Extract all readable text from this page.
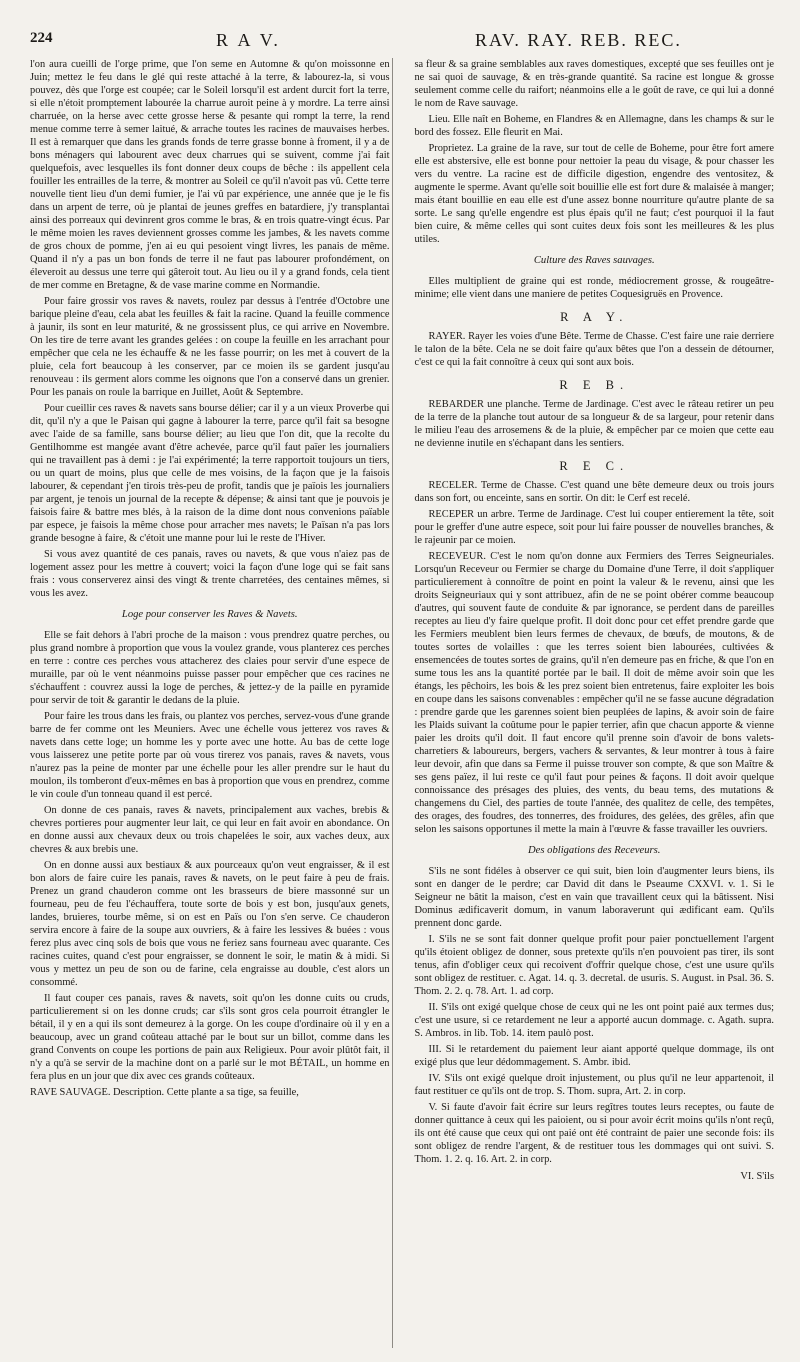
224	R A V.	RAV. RAY. REB. REC.

l'on aura cueilli de l'orge prime, que l'on seme en Automne & qu'on moissonne en Juin; mettez le feu dans le glé qui reste attaché à la terre, & labourez-la, si vous pouvez, dès que l'orge est coupée; car le Soleil lorsqu'il est ardent durcit fort la terre, si elle n'étoit promptement labourée la charrue auroit peine à y mordre. La terre ainsi charruée, on la herse avec cette grosse herse & pesante qui rompt la terre, la rend menue comme terre à semer laitué, & arrache toutes les racines de mauvaises herbes. Il est à remarquer que dans les grands fonds de terre grasse bonne à froment, il y a de bons ménagers qui labourent avec deux charrues qui se suivent, comme j'ai fait quelquefois, avec lesquelles ils font donner deux coups de bêche : ils appellent cela fouiller les entrailles de la terre, & montrer au Soleil ce qu'il n'avoit pas vû. Cette terre nouvelle tient lieu d'un demi fumier, je l'ai vû par expérience, une année que je le fis dans un arpent de terre, où je plantai de jeunes greffes en batardiere, j'y transplantai ainsi des porreaux qui devinrent gros comme le bras, & en trois quatre-vingt écus. Par le même moien les raves deviennent grosses comme les jambes, & les navets comme de gros choux de pomme, j'en ai eu qui pesoient vingt livres, les panais de même. Quand il n'y a pas un bon fonds de terre il ne faut pas labourer profondément, on éleveroit au dessus une terre qui gâteroit tout. Au lieu ou il y a grand fonds, cela tient de mer comme en Bretagne, & de vase marine comme en Normandie.

Pour faire grossir vos raves & navets, roulez par dessus à l'entrée d'Octobre une barique pleine d'eau, cela abat les feuilles & fait la racine. Quand la feuille commence à jaunir, ils sont en leur maturité, & ne grossissent plus, ce qui arrive en Novembre. On les tire de terre avant les grandes gelées : on coupe la feuille en les arrachant pour empêcher que cela ne les échauffe & ne les fasse pourrir; on les met à couvert de la pluie, cela fort beaucoup à les conserver, par ce moien ils se gardent jusqu'au renouveau : ils germent alors comme les oignons que l'on a conservé dans un grenier. Pour les panais on roule la barrique en Juillet, Août & Septembre.

Pour cueillir ces raves & navets sans bourse délier; car il y a un vieux Proverbe qui dit, qu'il n'y a que le Paisan qui gagne à labourer la terre, parce qu'il fait sa besogne avec l'aide de sa famille, sans bourse délier; au lieu que l'on dit, que la recolte du Gentilhomme est mangée avant d'être achevée, parce qu'il faut païer les journaliers qui ne travaillent pas à demi : je l'ai expérimenté; la terre rapportoit toujours un tiers, ou un quart de moins, plus que celle de mes voisins, de la façon que je la faisois labourer, & cependant j'en tirois très-peu de profit, tandis que je païois les journaliers par argent, je tenois un journal de la recepte & dépense; & ainsi tant que je pouvois je faisois faire & battre mes blés, à la raison de la dime dont nous convenions païable par espece, je faisois la même chose pour arracher mes navets; le Païsan n'a pas lors grande besogne à faire, & c'étoit une manne pour lui le reste de l'Hiver.

Si vous avez quantité de ces panais, raves ou navets, & que vous n'aiez pas de logement assez pour les mettre à couvert; voici la façon d'une loge qui se fait sans frais : vous conserverez ainsi des vingt & trente charretées, des centaines mêmes, si vous les avez.

Loge pour conserver les Raves & Navets.

Elle se fait dehors à l'abri proche de la maison : vous prendrez quatre perches, ou plus grand nombre à proportion que vous la voulez grande, vous planterez ces perches en terre : contre ces perches vous attacherez des claies pour servir d'une espece de muraille, par où le vent néanmoins puisse passer pour empêcher que ces racines ne s'échauffent : couvrez aussi la loge de perches, & jettez-y de la paille en pyramide pour servir de toit & garantir le dedans de la pluie.

Pour faire les trous dans les frais, ou plantez vos perches, servez-vous d'une grande barre de fer comme ont les Meuniers. Avec une échelle vous jetterez vos raves & navets dans cette loge; un homme les y porte avec une hotte. Au bas de cette loge vous laisserez une petite porte par où vous tirerez vos panais, raves & navets, vous n'aurez pas la peine de monter par une échelle pour les aller prendre sur le haut du moulon, ils tomberont d'eux-mêmes en bas à proportion que vous en prendrez, comme le vin coule d'un tonneau quand il est percé.

On donne de ces panais, raves & navets, principalement aux vaches, brebis & chevres portieres pour augmenter leur lait, ce qui leur en fait avoir en abondance. On en donne aussi aux chevaux deux ou trois chapelées le soir, aux vaches deux, aux chevres & aux brebis une.

On en donne aussi aux bestiaux & aux pourceaux qu'on veut engraisser, & il est bon alors de faire cuire les panais, raves & navets, on le peut faire à peu de frais. Prenez un grand chauderon comme ont les brasseurs de biere massonné sur un fourneau, peu de feu l'échauffera, toute sorte de bois y est bon, jusqu'aux genets, landes, bruieres, tourbe même, si on est en Païs ou l'on s'en serve. Ce chauderon servira encore à faire de la soupe aux ouvriers, & à faire les lessives & buées : vous ferez plus avec cinq sols de bois que vous ne feriez sans fourneau avec quarante. Ces racines cuites, quand c'est pour engraisser, se donnent le soir, le matin & à midi. Si vous y mettez un peu de son ou de farine, cela engraisse au double, c'est alors un consommé.

Il faut couper ces panais, raves & navets, soit qu'on les donne cuits ou cruds, particulierement si on les donne cruds; car s'ils sont gros cela pourroit étrangler le bétail, il y en a qui ils sont demeurez à la gorge. On les coupe d'ordinaire où il y en a beaucoup, avec un grand coûteau attaché par le bout sur un billot, comme dans les grand Convents on coupe les portions de pain aux Religieux. Pour avoir plûtôt fait, il n'y a qu'à se servir de la machine dont on a parlé sur le mot BÉTAIL, un homme en fera plus en un jour que dix avec ces grands coûteaux.

RAVE SAUVAGE. Description. Cette plante a sa tige, sa feuille,

sa fleur & sa graine semblables aux raves domestiques, excepté que ses feuilles ont je ne sai quoi de sauvage, & en très-grande quantité. Sa racine est longue & grosse seulement comme celle du raifort; néanmoins elle a le goût de rave, ce qui lui a donné le nom de Rave sauvage.

Lieu. Elle naît en Boheme, en Flandres & en Allemagne, dans les champs & sur le bord des fossez. Elle fleurit en Mai.

Proprietez. La graine de la rave, sur tout de celle de Boheme, pour être fort amere elle est abstersive, elle est bonne pour nettoier la peau du visage, & pour chasser les vers du ventre. La racine est de difficile digestion, engendre des ventositez, & augmente le sperme. Avant qu'elle soit bouillie elle est fort dure & malaisée à manger; mais étant bouillie en eau elle est d'une assez bonne nourriture qu'autre plante de sa sorte. Le sang qu'elle engendre est plus épais qu'il ne faut; c'est pourquoi il la faut bien cuire, & même celles qui sont cuites deux fois sont les meilleures & les plus utiles.

Culture des Raves sauvages.

Elles multiplient de graine qui est ronde, médiocrement grosse, & rougeâtre-minime; elle vient dans une maniere de petites Coquesigruës en Provence.

R A Y.

RAYER. Rayer les voies d'une Bête. Terme de Chasse. C'est faire une raie derriere le talon de la bête. Cela ne se doit faire qu'aux bêtes que l'on a dessein de détourner, c'est ce qui la fait connoître à ceux qui sont aux bois.

R E B.

REBARDER une planche. Terme de Jardinage. C'est avec le râteau retirer un peu de la terre de la planche tout autour de sa longueur & de sa largeur, pour retenir dans le milieu l'eau des arrosemens & de la pluie, & empêcher par ce moien que cette eau ne devienne inutile en s'échapant dans les sentiers.

R E C.

RECELER. Terme de Chasse. C'est quand une bête demeure deux ou trois jours dans son fort, ou enceinte, sans en sortir. On dit: le Cerf est recelé.

RECEPER un arbre. Terme de Jardinage. C'est lui couper entierement la tête, soit pour le greffer d'une autre espece, soit pour lui faire pousser de nouvelles branches, & le rajeunir par ce moien.

RECEVEUR. C'est le nom qu'on donne aux Fermiers des Terres Seigneuriales. Lorsqu'un Receveur ou Fermier se charge du Domaine d'une Terre, il doit s'appliquer particulierement à connoître de point en point la valeur & le revenu, ainsi que les droits Seigneuriaux qui y sont attribuez, afin de ne se point obérer comme beaucoup d'autres, qui souvent faute de conduite & par ignorance, se perdent dans de pareilles receptes au lieu d'y faire quelque profit. Il doit donc pour cet effet prendre garde que les Fermiers meublent bien leurs fermes de chevaux, de bœufs, de moutons, & de toutes sortes de volailles : que les terres soient bien labourées, cultivées & ensemencées de toutes sortes de grains, qu'il n'en demeure pas en friche, & que l'on en sume tous les ans la quantité portée par le bail. Il doit de même avoir soin que les étangs, les pêchoirs, les bois & les prez soient bien entretenus, faire exploiter les bois en coupe dans les saisons convenables : empêcher qu'il ne se fasse aucune dégradation : prendre garde que les garennes soient bien peuplées de lapins, & avoir soin de faire les Plaids suivant la coûtume pour le papier terrier, afin que chacun apporte & vienne paier les droits qu'il doit. Il faut encore qu'il prenne soin d'avoir de bons valets-charretiers & laboureurs, bergers, vachers & servantes, & leur montrer à tous à faire leur devoir, afin que dans sa Ferme il puisse trouver son compte, & que son Maître & ses gens païez, il lui reste ce qu'il faut pour peines & façons. Il doit avoir quelque connoissance des présages des pluies, des vents, du beau tems, des mutations & changemens du Ciel, des parties de toute l'année, des qualitez de celle, des tempêtes, des orages, des foudres, des tonnerres, des froidures, des gelées, des grêles, afin que selon les saisons opportunes il mette la main à l'œuvre & fasse travailler les ouvriers.

Des obligations des Receveurs.

S'ils ne sont fidéles à observer ce qui suit, bien loin d'augmenter leurs biens, ils sont en danger de le perdre; car David dit dans le Pseaume CXXVI. v. 1. Si le Seigneur ne bâtit la maison, c'est en vain que travaillent ceux qui la bâtissent. Nisi Dominus ædificaverit domum, in vanum laboraverunt qui ædificant eam. Qu'ils prennent donc garde.

I. S'ils ne se sont fait donner quelque profit pour paier ponctuellement l'argent qu'ils étoient obligez de donner, sous pretexte qu'ils n'en pouvoient pas tirer, ils sont tenus, afin d'obliger ceux qui recoivent d'offrir quelque chose, c'est une usure qu'ils sont obligez de restituer. c. Agat. 14. q. 3. decretal. de usuris. S. August. in Psal. 36. S. Thom. 2. 2. q. 78. Art. 1. ad corp.

II. S'ils ont exigé quelque chose de ceux qui ne les ont point paié aux termes dus; c'est une usure, si ce retardement ne leur a apporté aucun dommage. c. Agath. supra. S. Ambros. in lib. Tob. 14. item paulò post.

III. Si le retardement du paiement leur aiant apporté quelque dommage, ils ont exigé plus que leur dédommagement. S. Ambr. ibid.

IV. S'ils ont exigé quelque droit injustement, ou plus qu'il ne leur appartenoit, il faut restituer ce qu'ils ont de trop. S. Thom. supra, Art. 2. in corp.

V. Si faute d'avoir fait écrire sur leurs regîtres toutes leurs receptes, ou faute de donner quittance à ceux qui les paioient, ou si pour avoir écrit moins qu'ils n'ont reçû, ils ont été cause que ceux qui ont paié ont été contraint de paier une seconde fois: ils sont obligez de rendre l'argent, & de restituer tous les dommages qui ont suivi. S. Thom. 1. 2. q. 16. Art. 2. in corp.

VI. S'ils
